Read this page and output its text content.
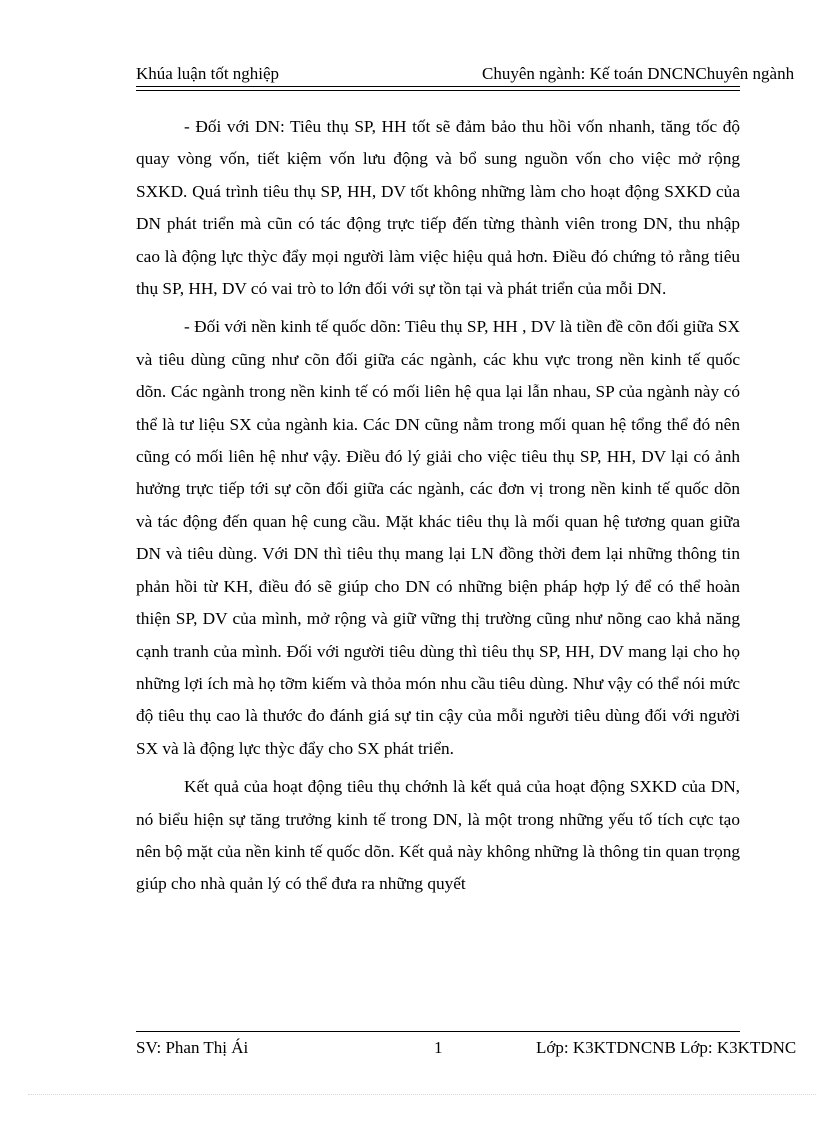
Khúa luận tốt nghiệp	Chuyên ngành: Kế toán DNCNChuyên ngành

- Đối với DN: Tiêu thụ SP, HH tốt sẽ đảm bảo thu hồi vốn nhanh, tăng tốc độ quay vòng vốn, tiết kiệm vốn lưu động và bổ sung nguồn vốn cho việc mở rộng SXKD. Quá trình tiêu thụ SP, HH, DV tốt không những làm cho hoạt động SXKD của DN phát triển mà cũn có tác động trực tiếp đến từng thành viên trong DN, thu nhập cao là động lực thỳc đẩy mọi người làm việc hiệu quả hơn. Điều đó chứng tỏ rằng tiêu thụ SP, HH, DV có vai trò to lớn đối với sự tồn tại và phát triển của mỗi DN.

- Đối với nền kinh tế quốc dõn: Tiêu thụ SP, HH , DV là tiền đề cõn đối giữa SX và tiêu dùng cũng như cõn đối giữa các ngành, các khu vực trong nền kinh tế quốc dõn. Các ngành trong nền kinh tế có mối liên hệ qua lại lẫn nhau, SP của ngành này có thể là tư liệu SX của ngành kia. Các DN cũng nằm trong mối quan hệ tổng thể đó nên cũng có mối liên hệ như vậy. Điều đó lý giải cho việc tiêu thụ SP, HH, DV lại có ảnh hưởng trực tiếp tới sự cõn đối giữa các ngành, các đơn vị trong nền kinh tế quốc dõn và tác động đến quan hệ cung cầu. Mặt khác tiêu thụ là mối quan hệ tương quan giữa DN và tiêu dùng. Với DN thì tiêu thụ mang lại LN đồng thời đem lại những thông tin phản hồi từ KH, điều đó sẽ giúp cho DN có những biện pháp hợp lý để có thể hoàn thiện SP, DV của mình, mở rộng và giữ vững thị trường cũng như nõng cao khả năng cạnh tranh của mình. Đối với người tiêu dùng thì tiêu thụ SP, HH, DV mang lại cho họ những lợi ích mà họ tỡm kiếm và thỏa món nhu cầu tiêu dùng. Như vậy có thể nói mức độ tiêu thụ cao là thước đo đánh giá sự tin cậy của mỗi người tiêu dùng đối với người SX và là động lực thỳc đẩy cho SX phát triển.

Kết quả của hoạt động tiêu thụ chớnh là kết quả của hoạt động SXKD của DN, nó biểu hiện sự tăng trưởng kinh tế trong DN, là một trong những yếu tố tích cực tạo nên bộ mặt của nền kinh tế quốc dõn. Kết quả này không những là thông tin quan trọng giúp cho nhà quản lý có thể đưa ra những quyết

SV: Phan Thị Ái	1	Lớp: K3KTDNCNB Lớp: K3KTDNC
